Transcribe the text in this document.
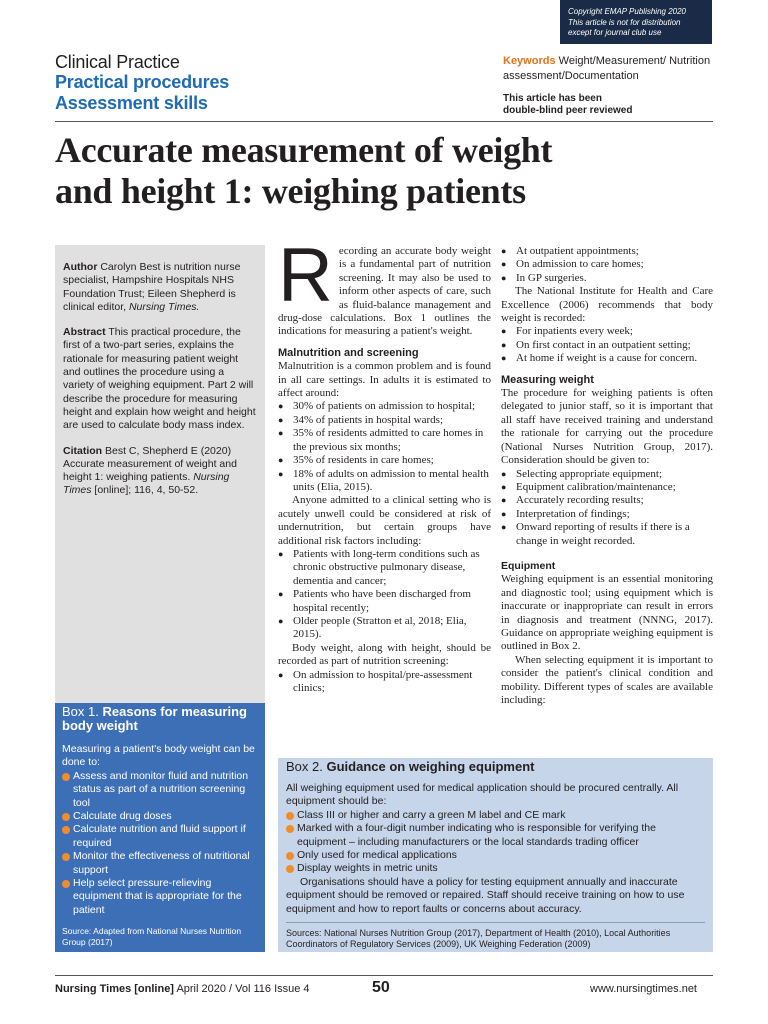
Copyright EMAP Publishing 2020
This article is not for distribution
except for journal club use
Clinical Practice
Practical procedures
Assessment skills
Keywords Weight/Measurement/ Nutrition assessment/Documentation
This article has been
double-blind peer reviewed
Accurate measurement of weight
and height 1: weighing patients

Author Carolyn Best is nutrition nurse specialist, Hampshire Hospitals NHS Foundation Trust; Eileen Shepherd is clinical editor, Nursing Times.

Abstract This practical procedure, the first of a two-part series, explains the rationale for measuring patient weight and outlines the procedure using a variety of weighing equipment. Part 2 will describe the procedure for measuring height and explain how weight and height are used to calculate body mass index.

Citation Best C, Shepherd E (2020) Accurate measurement of weight and height 1: weighing patients. Nursing Times [online]; 116, 4, 50-52.

Box 1. Reasons for measuring body weight
Measuring a patient's body weight can be done to:
Assess and monitor fluid and nutrition status as part of a nutrition screening tool
Calculate drug doses
Calculate nutrition and fluid support if required
Monitor the effectiveness of nutritional support
Help select pressure-relieving equipment that is appropriate for the patient
Source: Adapted from National Nurses Nutrition Group (2017)

Recording an accurate body weight is a fundamental part of nutrition screening. It may also be used to inform other aspects of care, such as fluid-balance management and drug-dose calculations. Box 1 outlines the indications for measuring a patient's weight.

Malnutrition and screening

Malnutrition is a common problem and is found in all care settings. In adults it is estimated to affect around:

● 30% of patients on admission to hospital;
● 34% of patients in hospital wards;
● 35% of residents admitted to care homes in the previous six months;
● 35% of residents in care homes;
● 18% of adults on admission to mental health units (Elia, 2015).

Anyone admitted to a clinical setting who is acutely unwell could be considered at risk of undernutrition, but certain groups have additional risk factors including:

● Patients with long-term conditions such as chronic obstructive pulmonary disease, dementia and cancer;
● Patients who have been discharged from hospital recently;
● Older people (Stratton et al, 2018; Elia, 2015).

Body weight, along with height, should be recorded as part of nutrition screening:

● On admission to hospital/pre-assessment clinics;
● At outpatient appointments;
● On admission to care homes;
● In GP surgeries.

The National Institute for Health and Care Excellence (2006) recommends that body weight is recorded:

● For inpatients every week;
● On first contact in an outpatient setting;
● At home if weight is a cause for concern.
Measuring weight

The procedure for weighing patients is often delegated to junior staff, so it is important that all staff have received training and understand the rationale for carrying out the procedure (National Nurses Nutrition Group, 2017). Consideration should be given to:

● Selecting appropriate equipment;
● Equipment calibration/maintenance;
● Accurately recording results;
● Interpretation of findings;
● Onward reporting of results if there is a change in weight recorded.
Equipment

Weighing equipment is an essential monitoring and diagnostic tool; using equipment which is inaccurate or inappropriate can result in errors in diagnosis and treatment (NNNG, 2017). Guidance on appropriate weighing equipment is outlined in Box 2.

When selecting equipment it is important to consider the patient's clinical condition and mobility. Different types of scales are available including:

Box 2. Guidance on weighing equipment
All weighing equipment used for medical application should be procured centrally. All equipment should be:
Class III or higher and carry a green M label and CE mark
Marked with a four-digit number indicating who is responsible for verifying the equipment – including manufacturers or the local standards trading officer
Only used for medical applications
Display weights in metric units
Organisations should have a policy for testing equipment annually and inaccurate equipment should be removed or repaired. Staff should receive training on how to use equipment and how to report faults or concerns about accuracy.
Sources: National Nurses Nutrition Group (2017), Department of Health (2010), Local Authorities Coordinators of Regulatory Services (2009), UK Weighing Federation (2009)
Nursing Times [online] April 2020 / Vol 116 Issue 4	50	www.nursingtimes.net
